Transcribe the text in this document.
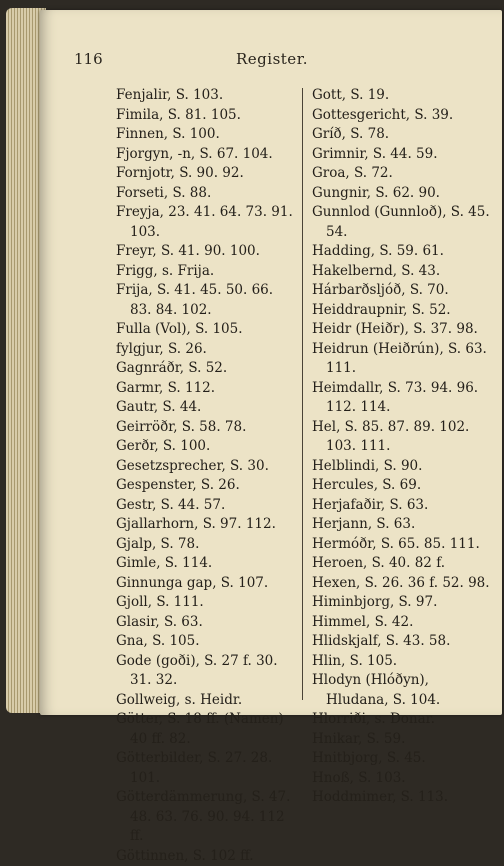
116	Register.
Fenjalir, S. 103.
Fimila, S. 81. 105.
Finnen, S. 100.
Fjorgyn, -n, S. 67. 104.
Fornjotr, S. 90. 92.
Forseti, S. 88.
Freyja, 23. 41. 64. 73. 91. 103.
Freyr, S. 41. 90. 100.
Frigg, s. Frija.
Frija, S. 41. 45. 50. 66. 83. 84. 102.
Fulla (Vol), S. 105.
fylgjur, S. 26.
Gagnráðr, S. 52.
Garmr, S. 112.
Gautr, S. 44.
Geirröðr, S. 58. 78.
Gerðr, S. 100.
Gesetzsprecher, S. 30.
Gespenster, S. 26.
Gestr, S. 44. 57.
Gjallarhorn, S. 97. 112.
Gjalp, S. 78.
Gimle, S. 114.
Ginnunga gap, S. 107.
Gjoll, S. 111.
Glasir, S. 63.
Gna, S. 105.
Gode (goði), S. 27 f. 30. 31. 32.
Gollweig, s. Heidr.
Götter, S. 18 ff. (Namen) 40 ff. 82.
Götterbilder, S. 27. 28. 101.
Götterdämmerung, S. 47. 48. 63. 76. 90. 94. 112 ff.
Göttinnen, S. 102 ff.
Gott, S. 19.
Gottesgericht, S. 39.
Gríð, S. 78.
Grimnir, S. 44. 59.
Groa, S. 72.
Gungnir, S. 62. 90.
Gunnlod (Gunnloð), S. 45. 54.
Hadding, S. 59. 61.
Hakelbernd, S. 43.
Hárbarðsljóð, S. 70.
Heiddraupnir, S. 52.
Heidr (Heiðr), S. 37. 98.
Heidrun (Heiðrún), S. 63. 111.
Heimdallr, S. 73. 94. 96. 112. 114.
Hel, S. 85. 87. 89. 102. 103. 111.
Helblindi, S. 90.
Hercules, S. 69.
Herjafaðir, S. 63.
Herjann, S. 63.
Hermóðr, S. 65. 85. 111.
Heroen, S. 40. 82 f.
Hexen, S. 26. 36 f. 52. 98.
Himinbjorg, S. 97.
Himmel, S. 42.
Hlidskjalf, S. 43. 58.
Hlin, S. 105.
Hlodyn (Hlóðyn), Hludana, S. 104.
Hlorriði, s. Donar.
Hnikar, S. 59.
Hnitbjorg, S. 45.
Hnoß, S. 103.
Hoddmimer, S. 113.
